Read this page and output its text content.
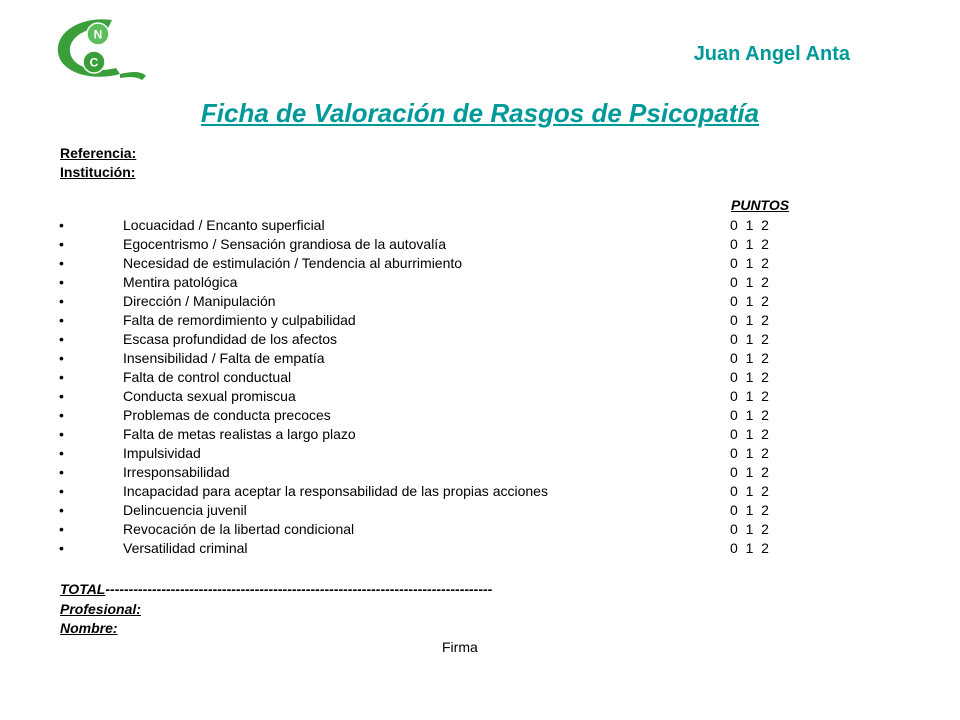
N
C	Juan Angel Anta
Ficha de Valoración de Rasgos de Psicopatía
Referencia:
Institución:
PUNTOS
•	Locuacidad / Encanto superficial	0  1  2
•	Egocentrismo / Sensación grandiosa de la autovalía	0  1  2
•	Necesidad de estimulación / Tendencia al aburrimiento	0  1  2
•	Mentira patológica	0  1  2
•	Dirección / Manipulación	0  1  2
•	Falta de remordimiento y culpabilidad	0  1  2
•	Escasa profundidad de los afectos	0  1  2
•	Insensibilidad / Falta de empatía	0  1  2
•	Falta de control conductual	0  1  2
•	Conducta sexual promiscua	0  1  2
•	Problemas de conducta precoces	0  1  2
•	Falta de metas realistas a largo plazo	0  1  2
•	Impulsividad	0  1  2
•	Irresponsabilidad	0  1  2
•	Incapacidad para aceptar la responsabilidad de las propias acciones	0  1  2
•	Delincuencia juvenil	0  1  2
•	Revocación de la libertad condicional	0  1  2
•	Versatilidad criminal	0  1  2
TOTAL-----------------------------------------------------------------------------------
Profesional:
Nombre:
Firma
